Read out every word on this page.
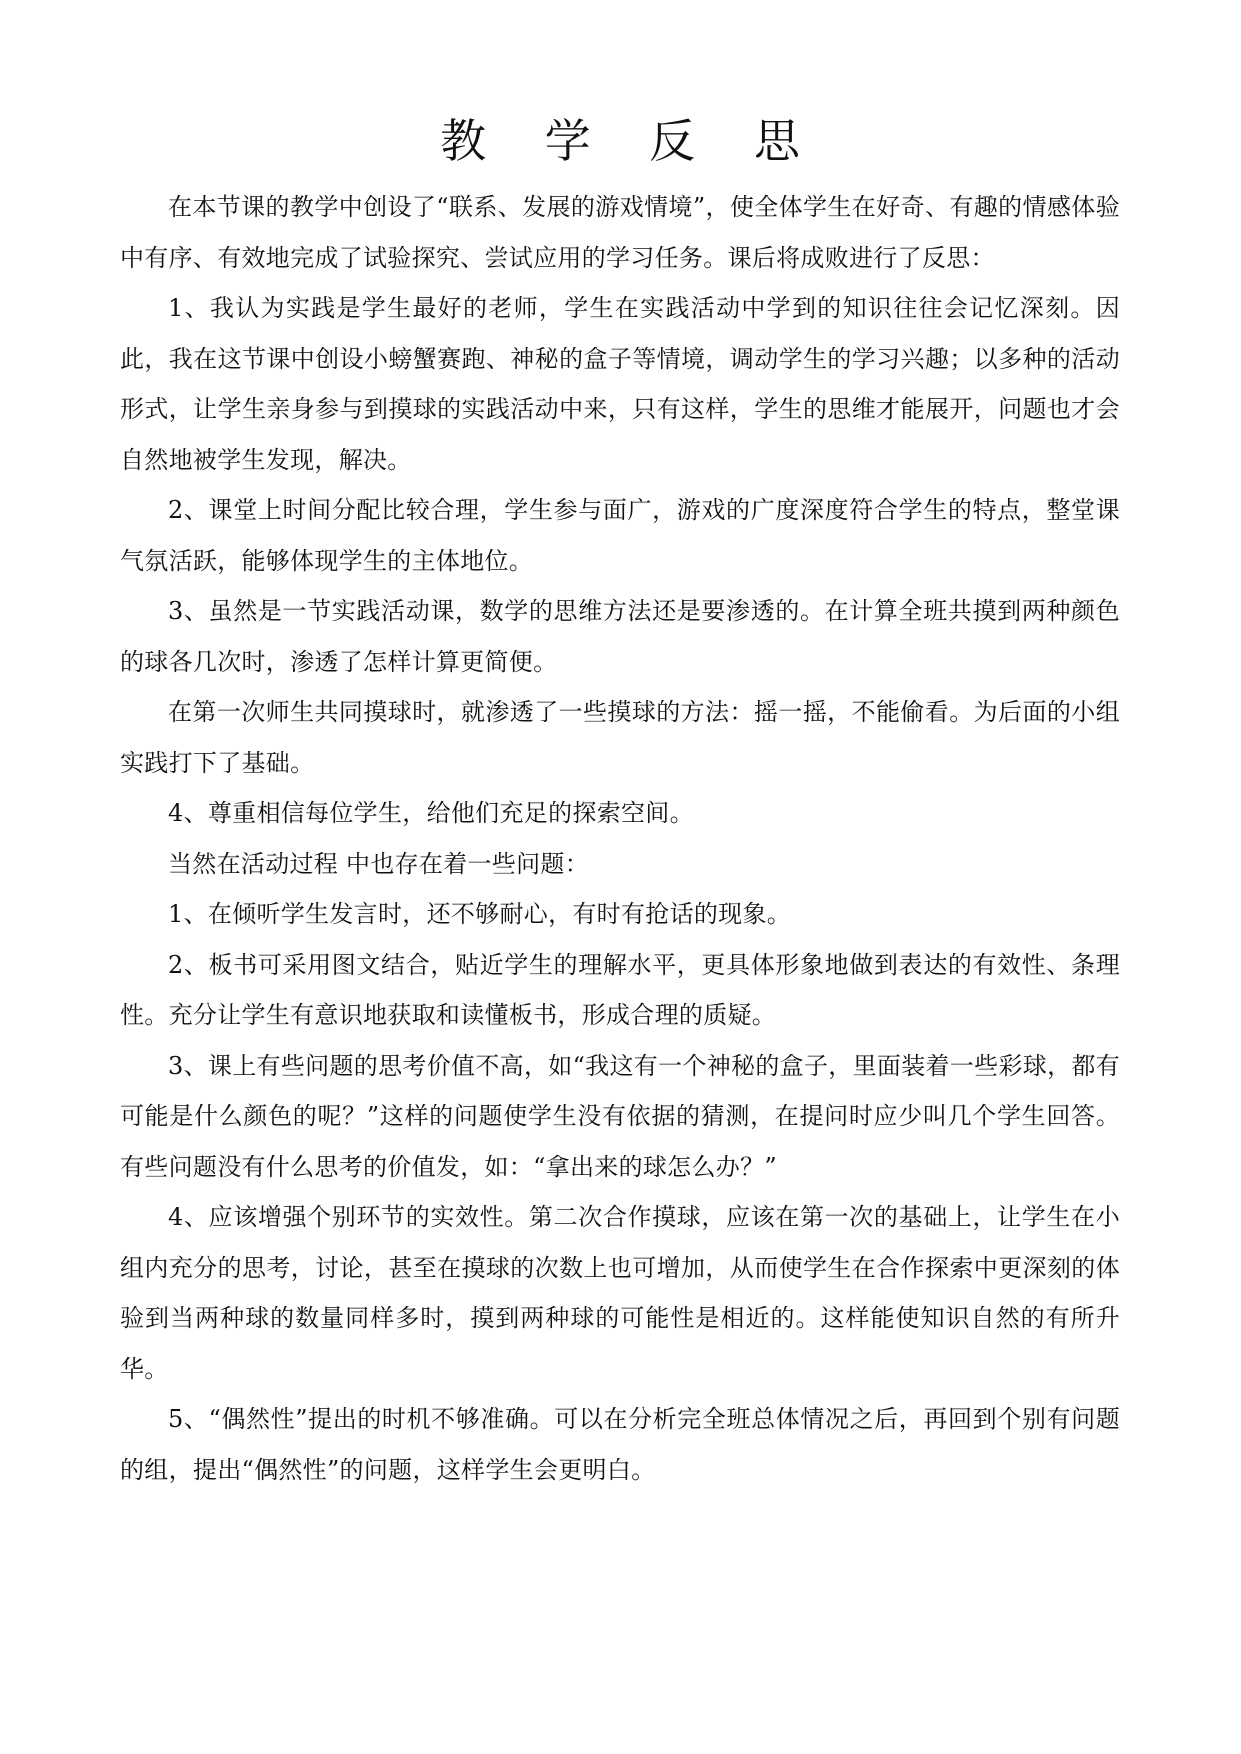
教 学 反 思

在本节课的教学中创设了“联系、发展的游戏情境”，使全体学生在好奇、有趣的情感体验中有序、有效地完成了试验探究、尝试应用的学习任务。课后将成败进行了反思：

1、我认为实践是学生最好的老师，学生在实践活动中学到的知识往往会记忆深刻。因此，我在这节课中创设小螃蟹赛跑、神秘的盒子等情境，调动学生的学习兴趣；以多种的活动形式，让学生亲身参与到摸球的实践活动中来，只有这样，学生的思维才能展开，问题也才会自然地被学生发现，解决。

2、课堂上时间分配比较合理，学生参与面广，游戏的广度深度符合学生的特点，整堂课气氛活跃，能够体现学生的主体地位。

3、虽然是一节实践活动课，数学的思维方法还是要渗透的。在计算全班共摸到两种颜色的球各几次时，渗透了怎样计算更简便。

在第一次师生共同摸球时，就渗透了一些摸球的方法：摇一摇，不能偷看。为后面的小组实践打下了基础。

4、尊重相信每位学生，给他们充足的探索空间。

当然在活动过程 中也存在着一些问题：

1、在倾听学生发言时，还不够耐心，有时有抢话的现象。

2、板书可采用图文结合，贴近学生的理解水平，更具体形象地做到表达的有效性、条理性。充分让学生有意识地获取和读懂板书，形成合理的质疑。

3、课上有些问题的思考价值不高，如“我这有一个神秘的盒子，里面装着一些彩球，都有可能是什么颜色的呢？”这样的问题使学生没有依据的猜测，在提问时应少叫几个学生回答。有些问题没有什么思考的价值发，如：“拿出来的球怎么办？”

4、应该增强个别环节的实效性。第二次合作摸球，应该在第一次的基础上，让学生在小组内充分的思考，讨论，甚至在摸球的次数上也可增加，从而使学生在合作探索中更深刻的体验到当两种球的数量同样多时，摸到两种球的可能性是相近的。这样能使知识自然的有所升华。

5、“偶然性”提出的时机不够准确。可以在分析完全班总体情况之后，再回到个别有问题的组，提出“偶然性”的问题，这样学生会更明白。
